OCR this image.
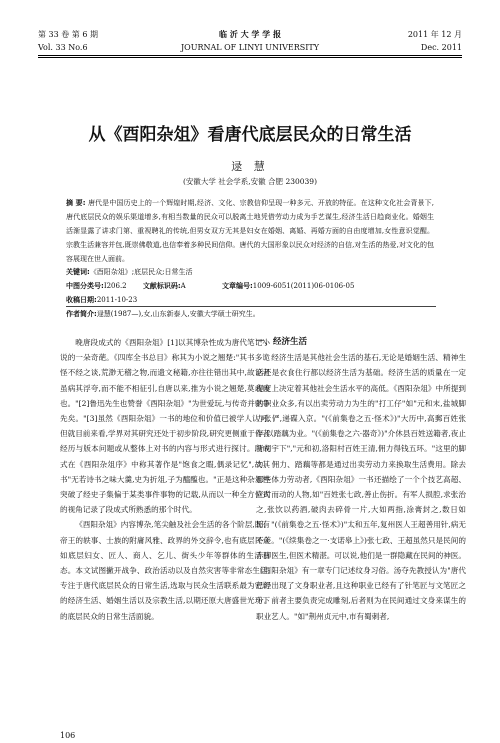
第 33 卷 第 6 期	临 沂 大 学 学 报	2011 年 12 月
Vol. 33 No.6	JOURNAL OF LINYI UNIVERSITY	Dec. 2011
从《酉阳杂俎》看唐代底层民众的日常生活
逯 慧
(安徽大学 社会学系,安徽 合肥 230039)
摘 要: 唐代是中国历史上的一个辉煌时期,经济、文化、宗教信仰呈现一种多元、开放的特征。在这种文化社会背景下,唐代底层民众的娱乐渠道增多,有相当数量的民众可以脱离土地凭借劳动力成为手艺谋生,经济生活日趋商业化。婚姻生活渐显露了讲求门第、重视聘礼的传统,但男女双方无其是妇女在婚姻、离婚、再婚方面的自由度增加,女性意识觉醒。宗教生活兼容并包,既崇佛敬道,也信奉着多种民间信仰。唐代的大国形象以民众对经济的自信,对生活的热爱,对文化的包容展现在世人面前。
关键词:《酉阳杂俎》;底层民众;日常生活
中图分类号:I206.2 文献标识码:A	文章编号:1009-6051(2011)06-0106-05
收稿日期:2011-10-23
作者简介:逯慧(1987—),女,山东新泰人,安徽大学硕士研究生。

晚唐段成式的《酉阳杂俎》[1]以其博杂性成为唐代笔记小说的一朵奇葩。《四库全书总目》称其为小说之翘楚:"其书多诡怪不经之谈,荒渺无稽之物,而遗文秘籍,亦往往错出其中,故论者虽病其浮夸,而不能不相征引,自唐以来,推为小说之翘楚,莫或废也。"[2]鲁迅先生也赞誉《酉阳杂俎》"为世爱玩,与传奇并驱争先矣。"[3]虽然《酉阳杂俎》一书的地位和价值已被学人认可,但就目前来看,学界对其研究还处于初步阶段,研究更侧重于作者经历与版本问题或从整体上对书的内容与形式进行探讨。段成式在《酉阳杂俎序》中称其著作是"饱食之暇,偶录记忆",故其书"无若诗书之味大羹,史为折俎,子为醯醢也。"正是这种杂俎性突破了经史子集偏于某类事件事物的记载,从而以一种全方位式的视角记录了段成式所熟悉的那个时代。

《酉阳杂俎》内容博杂,笔尖触及社会生活的各个阶层,既有帝王的轶事、士族的附庸风雅、政界的外交辞令,也有底层民众如底层妇女、匠人、商人、乞儿、街头少年等群体的生活百态。本文试图撇开战争、政治活动以及自然灾害等非常态生活,专注于唐代底层民众的日常生活,选取与民众生活联系最为密切的经济生活、婚姻生活以及宗教生活,以期还原大唐盛世光环下的底层民众的日常生活面貌。

一、经济生活

经济生活是其他社会生活的基石,无论是婚姻生活、精神生活还是衣食住行都以经济生活为基础。经济生活的质量在一定程度上决定着其他社会生活水平的高低。《酉阳杂俎》中所提到的职业众多,有以出卖劳动力为生的"打工仔"如"元和末,盐城脚力张俨,递碟入京。"(《前集卷之五·怪术》)"大历中,高郵百姓张存,以踏藕为业。"(《前集卷之六·器奇》)"介休县百姓送籍者,夜止晋祠宇下","元和初,洛阳村百姓王清,佣力得钱五环。"这里的脚力、佣力、踏藕等都是通过出卖劳动力来换取生活费用。除去那些体力劳动者,《酉阳杂俎》一书还描绘了一个个技艺高超、应时而动的人物,如"百姓张七政,善止伤折。有军人损腔,求张治之,张饮以药酒,破肉去碎骨一片,大如两指,涂膏封之,数日如旧。"(《前集卷之五·怪术》)"太和五年,复州医人王超善用针,病无不差。"(《续集卷之一·支诺皋上》)张七政、王超虽然只是民间的赤脚医生,但医术精湛。可以说,他们是一群隐藏在民间的神医。《酉阳杂俎》有一章专门记述纹身习俗。汤夺先教授认为"唐代已经出现了文身职业者,且这种职业已经有了针笔匠与文笔匠之分。前者主要负责完成雕刻,后者则为在民间通过文身来谋生的职业艺人。"如"荆州贞元中,市有蜀刺者,

106
